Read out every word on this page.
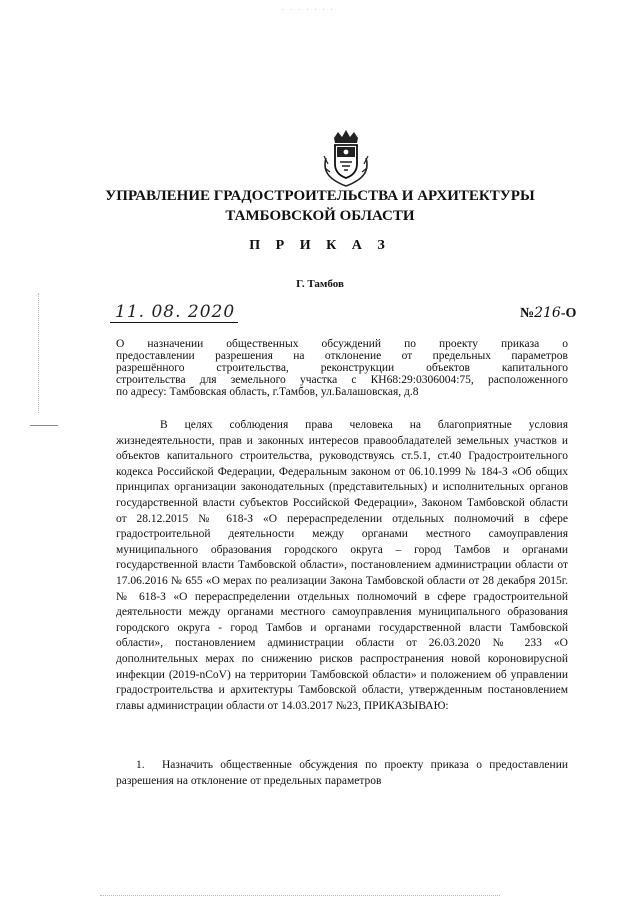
· · · · · · ·
УПРАВЛЕНИЕ ГРАДОСТРОИТЕЛЬСТВА И АРХИТЕКТУРЫ
ТАМБОВСКОЙ ОБЛАСТИ
П Р И К А З
Г. Тамбов
11. 08. 2020	№216-О

О назначении общественных обсуждений по проекту приказа о

предоставлении разрешения на отклонение от предельных параметров

разрешённого строительства, реконструкции объектов капитального

строительства для земельного участка с КН68:29:0306004:75, расположенного

по адресу: Тамбовская область, г.Тамбов, ул.Балашовская, д.8

В целях соблюдения права человека на благоприятные условия жизнедеятельности, прав и законных интересов правообладателей земельных участков и объектов капитального строительства, руководствуясь ст.5.1, ст.40 Градостроительного кодекса Российской Федерации, Федеральным законом от 06.10.1999 № 184-З «Об общих принципах организации законодательных (представительных) и исполнительных органов государственной власти субъектов Российской Федерации», Законом Тамбовской области от 28.12.2015 № 618-З «О перераспределении отдельных полномочий в сфере градостроительной деятельности между органами местного самоуправления муниципального образования городского округа – город Тамбов и органами государственной власти Тамбовской области», постановлением администрации области от 17.06.2016 № 655 «О мерах по реализации Закона Тамбовской области от 28 декабря 2015г. № 618-З «О перераспределении отдельных полномочий в сфере градостроительной деятельности между органами местного самоуправления муниципального образования городского округа - город Тамбов и органами государственной власти Тамбовской области», постановлением администрации области от 26.03.2020 № 233 «О дополнительных мерах по снижению рисков распространения новой короновирусной инфекции (2019-nCoV) на территории Тамбовской области» и положением об управлении градостроительства и архитектуры Тамбовской области, утвержденным постановлением главы администрации области от 14.03.2017 №23, ПРИКАЗЫВАЮ:

1. Назначить общественные обсуждения по проекту приказа о предоставлении разрешения на отклонение от предельных параметров
